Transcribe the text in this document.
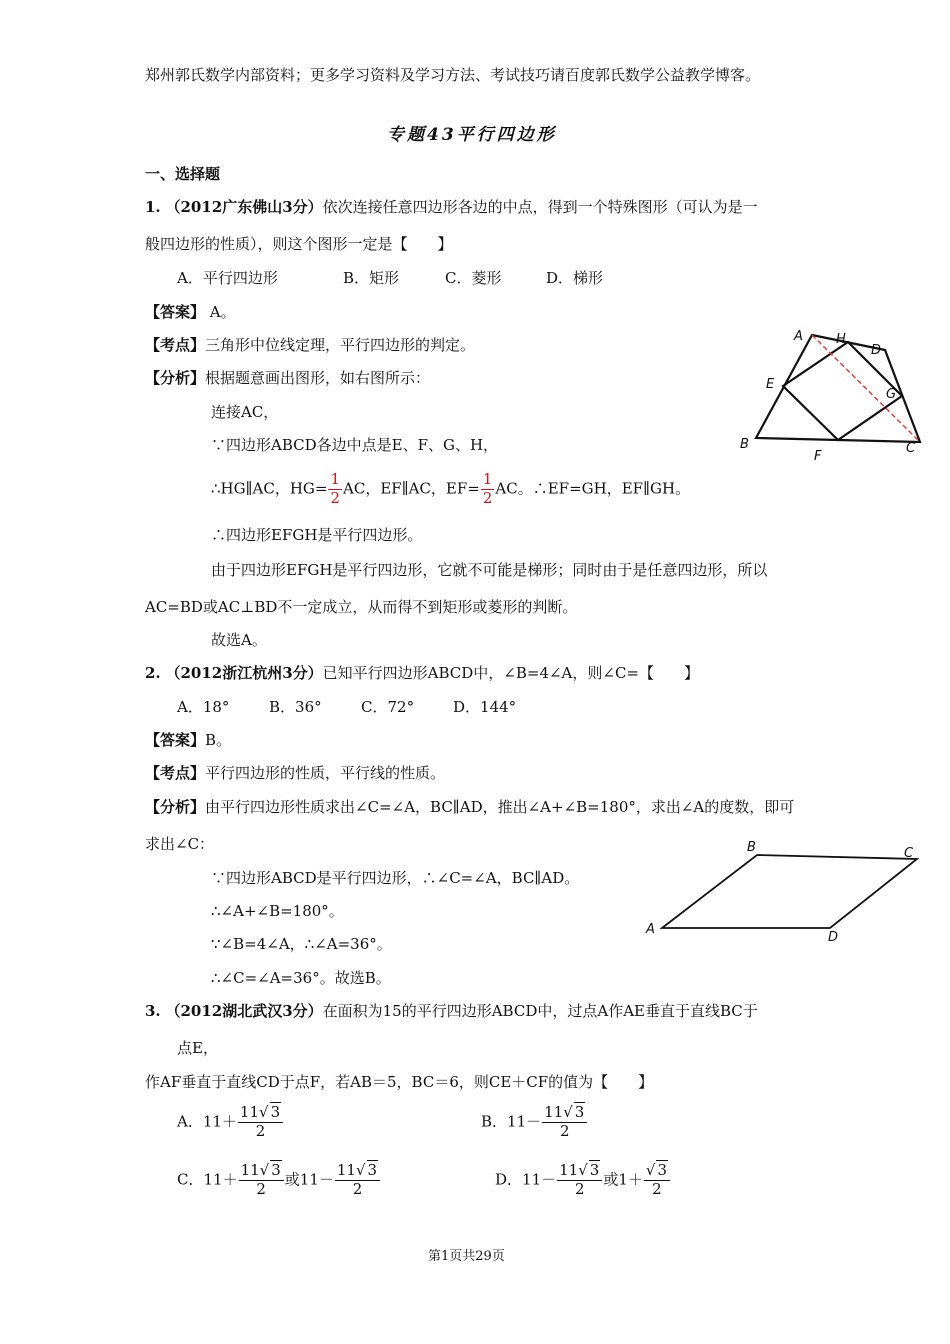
郑州郭氏数学内部资料；更多学习资料及学习方法、考试技巧请百度郭氏数学公益教学博客。
专题43平行四边形
一、选择题
1. （2012广东佛山3分）依次连接任意四边形各边的中点，得到一个特殊图形（可认为是一
般四边形的性质），则这个图形一定是【　　】
A．平行四边形	B．矩形	C．菱形	D．梯形
【答案】 A。
【考点】三角形中位线定理，平行四边形的判定。
【分析】根据题意画出图形，如右图所示：
连接AC，
∵四边形ABCD各边中点是E、F、G、H，
∴HG∥AC，$HG= \frac{1}{2}$ AC，EF∥AC，$EF= \frac{1}{2}$ AC。∴EF=GH，EF∥GH。
∴四边形EFGH是平行四边形。
由于四边形EFGH是平行四边形，它就不可能是梯形；同时由于是任意四边形，所以
AC=BD或AC⊥BD不一定成立，从而得不到矩形或菱形的判断。
故选A。
A	H
D
E
G
B
F
C
2. （2012浙江杭州3分）已知平行四边形ABCD中，∠B=4∠A，则∠C=【　　】
A．18°	B．36°	C．72°	D．144°
【答案】B。
【考点】平行四边形的性质，平行线的性质。
【分析】由平行四边形性质求出∠C=∠A，BC∥AD，推出∠A+∠B=180°，求出∠A的度数，即可
求出∠C：
∵四边形ABCD是平行四边形，∴∠C=∠A，BC∥AD。
∴∠A+∠B=180°。
∵∠B=4∠A，∴∠A=36°。
∴∠C=∠A=36°。故选B。
B	C
A
D
3. （2012湖北武汉3分）在面积为15的平行四边形ABCD中，过点A作AE垂直于直线BC于
点E，
作AF垂直于直线CD于点F，若AB＝5，BC＝6，则CE＋CF的值为【　　】
A．$11+ \frac{11√ 3}{2}$	B．$11- \frac{11√ 3}{2}$
C．$11+ \frac{11√ 3}{2}$ 或$11- \frac{11√ 3}{2}$	D．$11- \frac{11√ 3}{2}$ 或$1+ \frac{√ 3}{2}$
第1页共29页
